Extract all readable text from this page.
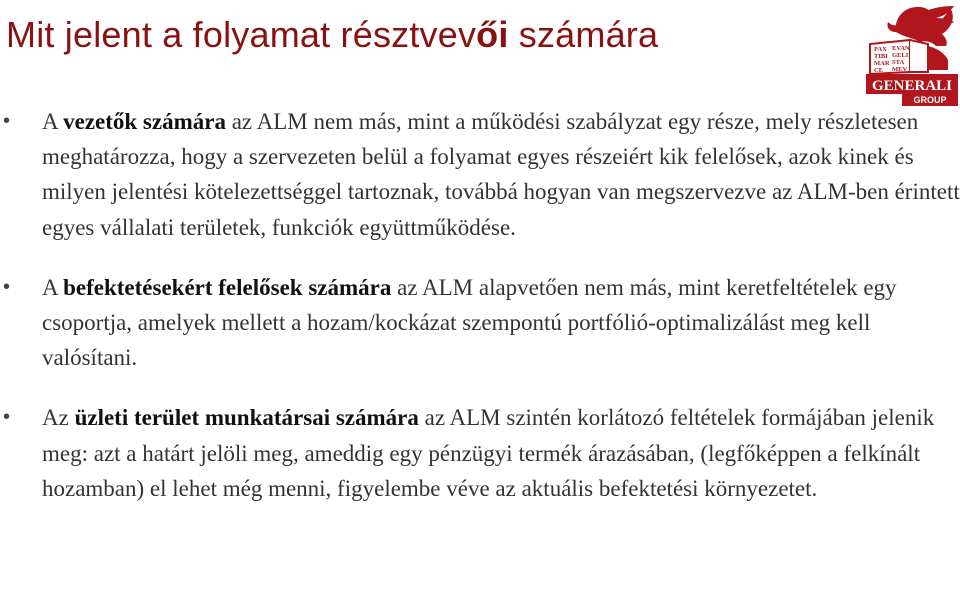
Mit jelent a folyamat résztvevői számára	PAX
TIBI
MAR
CE
EVAN
GELI
STA
MEV
GENERALI
GROUP
• A vezetők számára az ALM nem más, mint a működési szabályzat egy része, mely részletesen meghatározza, hogy a szervezeten belül a folyamat egyes részeiért kik felelősek, azok kinek és milyen jelentési kötelezettséggel tartoznak, továbbá hogyan van megszervezve az ALM-ben érintett egyes vállalati területek, funkciók együttműködése.
• A befektetésekért felelősek számára az ALM alapvetően nem más, mint keretfeltételek egy csoportja, amelyek mellett a hozam/kockázat szempontú portfólió-optimalizálást meg kell valósítani.
• Az üzleti terület munkatársai számára az ALM szintén korlátozó feltételek formájában jelenik meg: azt a határt jelöli meg, ameddig egy pénzügyi termék árazásában, (legfőképpen a felkínált hozamban) el lehet még menni, figyelembe véve az aktuális befektetési környezetet.
